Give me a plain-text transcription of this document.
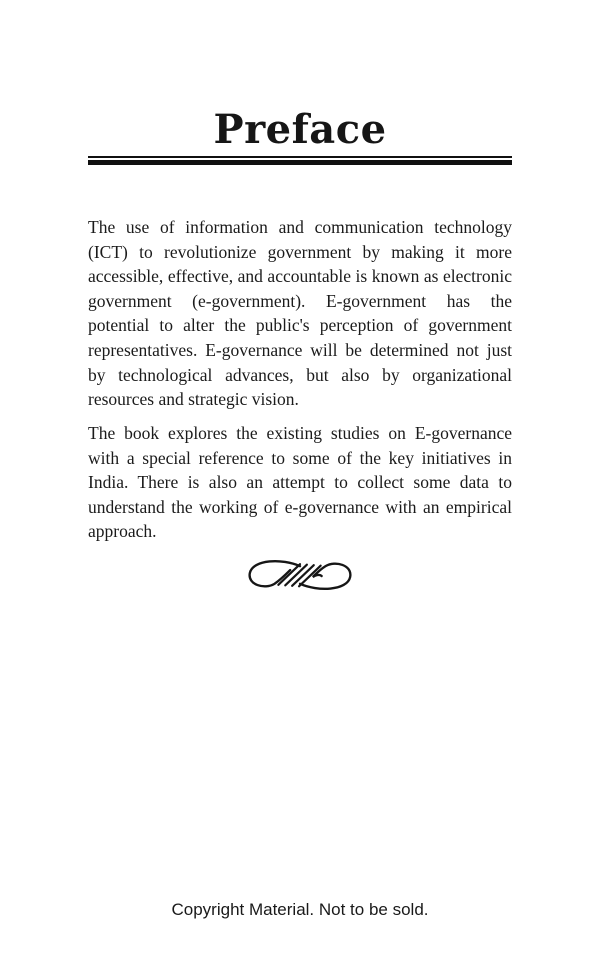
Preface

The use of information and communication technology (ICT) to revolutionize government by making it more accessible, effective, and accountable is known as electronic government (e-government). E-government has the potential to alter the public's perception of government representatives. E-governance will be determined not just by technological advances, but also by organizational resources and strategic vision.

The book explores the existing studies on E-governance with a special reference to some of the key initiatives in India. There is also an attempt to collect some data to understand the working of e-governance with an empirical approach.

Copyright Material. Not to be sold.
